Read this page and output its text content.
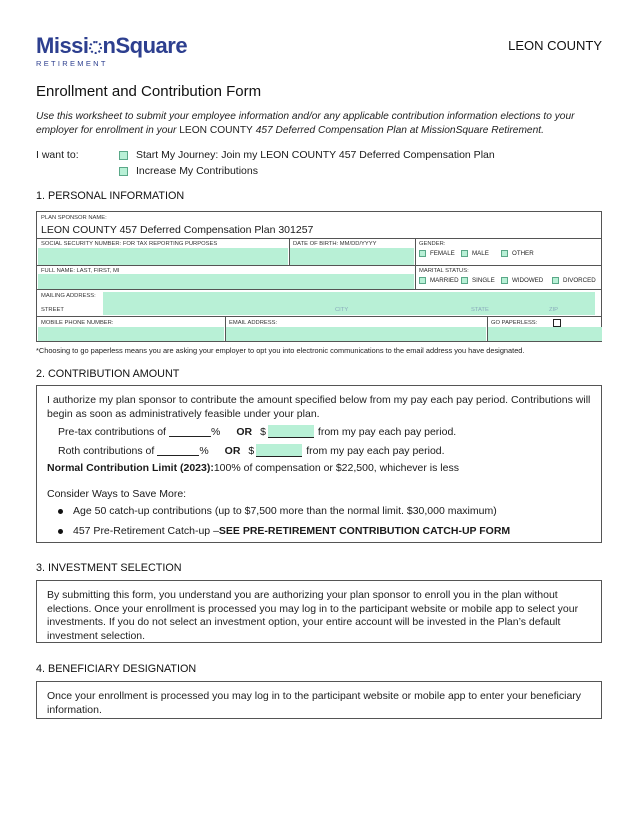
Missi nSquare
RETIREMENT
LEON COUNTY
Enrollment and Contribution Form
Use this worksheet to submit your employee information and/or any applicable contribution information elections to your employer for enrollment in your LEON COUNTY 457 Deferred Compensation Plan at MissionSquare Retirement.
I want to:	Start My Journey: Join my LEON COUNTY 457 Deferred Compensation Plan
Increase My Contributions
1. PERSONAL INFORMATION
PLAN SPONSOR NAME:
LEON COUNTY 457 Deferred Compensation Plan 301257
SOCIAL SECURITY NUMBER: FOR TAX REPORTING PURPOSES	DATE OF BIRTH: MM/DD/YYYY	GENDER:
FEMALE	MALE	OTHER
FULL NAME: LAST, FIRST, MI	MARITAL STATUS:
MARRIED SINGLE	WIDOWED	DIVORCED
MAILING ADDRESS:
STREET	CITY	STATE	ZIP
MOBILE PHONE NUMBER:	EMAIL ADDRESS:	GO PAPERLESS:
*Choosing to go paperless means you are asking your employer to opt you into electronic communications to the email address you have designated.
2. CONTRIBUTION AMOUNT
I authorize my plan sponsor to contribute the amount specified below from my pay each pay period. Contributions will begin as soon as administratively feasible under your plan.
Pre-tax contributions of	% OR $	from my pay each pay period.
Roth contributions of	% OR $	from my pay each pay period.
Normal Contribution Limit (2023): 100% of compensation or $22,500, whichever is less
Consider Ways to Save More:
Age 50 catch-up contributions (up to $7,500 more than the normal limit. $30,000 maximum)
457 Pre-Retirement Catch-up – SEE PRE-RETIREMENT CONTRIBUTION CATCH-UP FORM
3. INVESTMENT SELECTION
By submitting this form, you understand you are authorizing your plan sponsor to enroll you in the plan without elections. Once your enrollment is processed you may log in to the participant website or mobile app to select your investments. If you do not select an investment option, your entire account will be invested in the Plan’s default investment selection.
4. BENEFICIARY DESIGNATION
Once your enrollment is processed you may log in to the participant website or mobile app to enter your beneficiary information.
